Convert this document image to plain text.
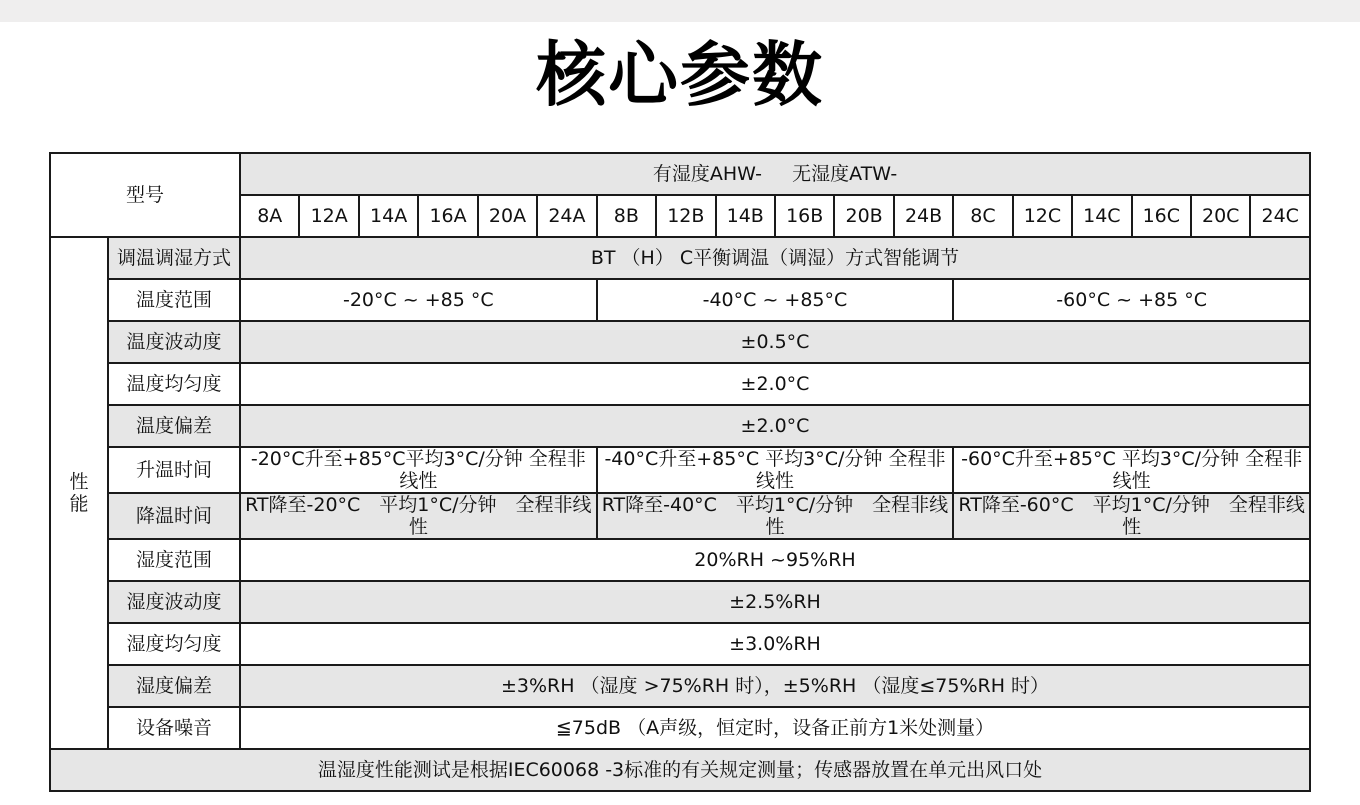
核心参数
型号		有湿度AHW-     无湿度ATW-																	
		8A	12A	14A	16A	20A	24A	8B	12B	14B	16B	20B	24B	8C	12C	14C	16C	20C	24C

性
能	调温调湿方式	BT （H） C平衡调温（调湿）方式智能调节																	
	温度范围	-20°C ~ +85 °C						-40°C ~ +85°C						-60°C ~ +85 °C					
	温度波动度	±0.5°C																	
	温度均匀度	±2.0°C																	
	温度偏差	±2.0°C																	
	升温时间	-20°C升至+85°C平均3°C/分钟 全程非线性						-40°C升至+85°C 平均3°C/分钟 全程非线性						-60°C升至+85°C 平均3°C/分钟 全程非线性					
	降温时间	RT降至-20°C　平均1°C/分钟　全程非线性						RT降至-40°C　平均1°C/分钟　全程非线性						RT降至-60°C　平均1°C/分钟　全程非线性					
	湿度范围	20%RH ~95%RH																	
	湿度波动度	±2.5%RH																	
	湿度均匀度	±3.0%RH																	
	湿度偏差	±3%RH （湿度 >75%RH 时），±5%RH （湿度≤75%RH 时）																	
	设备噪音	≦75dB （A声级，恒定时，设备正前方1米处测量）																	
温湿度性能测试是根据IEC60068 -3标准的有关规定测量；传感器放置在单元出风口处																			
